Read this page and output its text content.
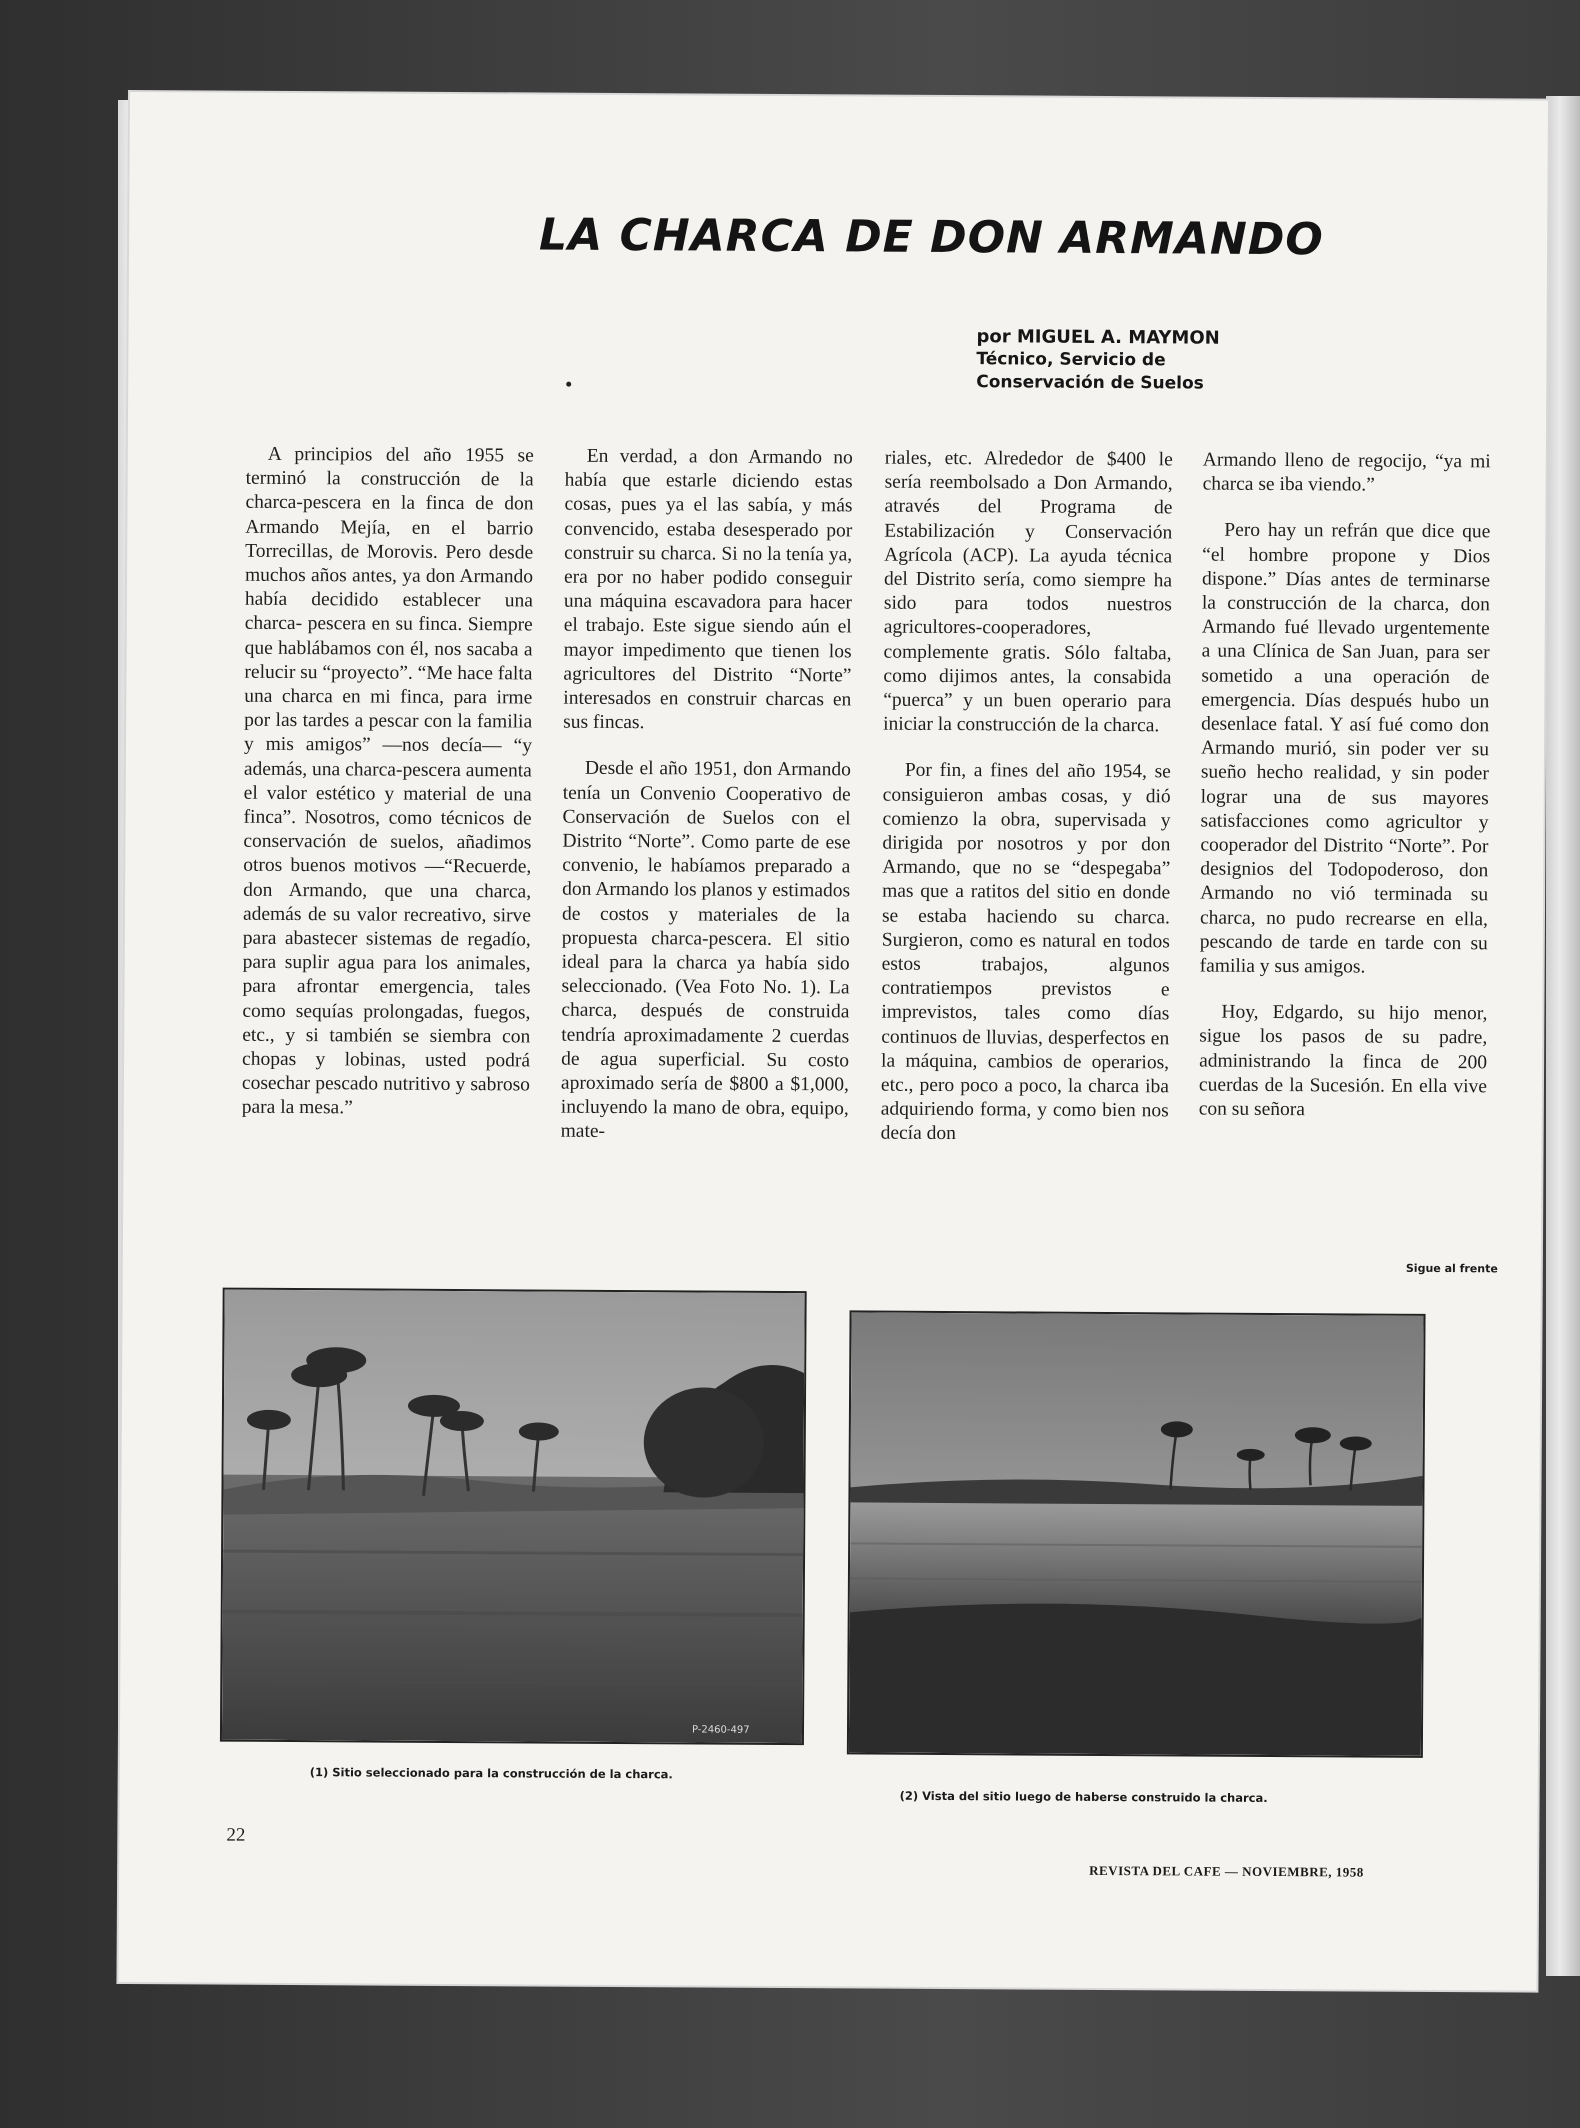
LA CHARCA DE DON ARMANDO
por MIGUEL A. MAYMON
Técnico, Servicio de
Conservación de Suelos

A principios del año 1955 se terminó la construcción de la charca-pescera en la finca de don Armando Mejía, en el barrio Torrecillas, de Morovis. Pero desde muchos años antes, ya don Armando había decidido establecer una charca- pescera en su finca. Siempre que hablábamos con él, nos sacaba a relucir su “proyecto”. “Me hace falta una charca en mi finca, para irme por las tardes a pescar con la familia y mis amigos” —nos decía— “y además, una charca-pescera aumenta el valor estético y material de una finca”. Nosotros, como técnicos de conservación de suelos, añadimos otros buenos motivos —“Recuerde, don Armando, que una charca, además de su valor recreativo, sirve para abastecer sistemas de regadío, para suplir agua para los animales, para afrontar emergencia, tales como sequías prolongadas, fuegos, etc., y si también se siembra con chopas y lobinas, usted podrá cosechar pescado nutritivo y sabroso para la mesa.”

En verdad, a don Armando no había que estarle diciendo estas cosas, pues ya el las sabía, y más convencido, estaba desesperado por construir su charca. Si no la tenía ya, era por no haber podido conseguir una máquina escavadora para hacer el trabajo. Este sigue siendo aún el mayor impedimento que tienen los agricultores del Distrito “Norte” interesados en construir charcas en sus fincas.

Desde el año 1951, don Armando tenía un Convenio Cooperativo de Conservación de Suelos con el Distrito “Norte”. Como parte de ese convenio, le habíamos preparado a don Armando los planos y estimados de costos y materiales de la propuesta charca-pescera. El sitio ideal para la charca ya había sido seleccionado. (Vea Foto No. 1). La charca, después de construida tendría aproximadamente 2 cuerdas de agua superficial. Su costo aproximado sería de $800 a $1,000, incluyendo la mano de obra, equipo, mate-

riales, etc. Alrededor de $400 le sería reembolsado a Don Armando, através del Programa de Estabilización y Conservación Agrícola (ACP). La ayuda técnica del Distrito sería, como siempre ha sido para todos nuestros agricultores-cooperadores, complemente gratis. Sólo faltaba, como dijimos antes, la consabida “puerca” y un buen operario para iniciar la construcción de la charca.

Por fin, a fines del año 1954, se consiguieron ambas cosas, y dió comienzo la obra, supervisada y dirigida por nosotros y por don Armando, que no se “despegaba” mas que a ratitos del sitio en donde se estaba haciendo su charca. Surgieron, como es natural en todos estos trabajos, algunos contratiempos previstos e imprevistos, tales como días continuos de lluvias, desperfectos en la máquina, cambios de operarios, etc., pero poco a poco, la charca iba adquiriendo forma, y como bien nos decía don

Armando lleno de regocijo, “ya mi charca se iba viendo.”

Pero hay un refrán que dice que “el hombre propone y Dios dispone.” Días antes de terminarse la construcción de la charca, don Armando fué llevado urgentemente a una Clínica de San Juan, para ser sometido a una operación de emergencia. Días después hubo un desenlace fatal. Y así fué como don Armando murió, sin poder ver su sueño hecho realidad, y sin poder lograr una de sus mayores satisfacciones como agricultor y cooperador del Distrito “Norte”. Por designios del Todopoderoso, don Armando no vió terminada su charca, no pudo recrearse en ella, pescando de tarde en tarde con su familia y sus amigos.

Hoy, Edgardo, su hijo menor, sigue los pasos de su padre, administrando la finca de 200 cuerdas de la Sucesión. En ella vive con su señora

Sigue al frente
P-2460-497
(1) Sitio seleccionado para la construcción de la charca.
(2) Vista del sitio luego de haberse construido la charca.
22
REVISTA DEL CAFE — NOVIEMBRE, 1958
